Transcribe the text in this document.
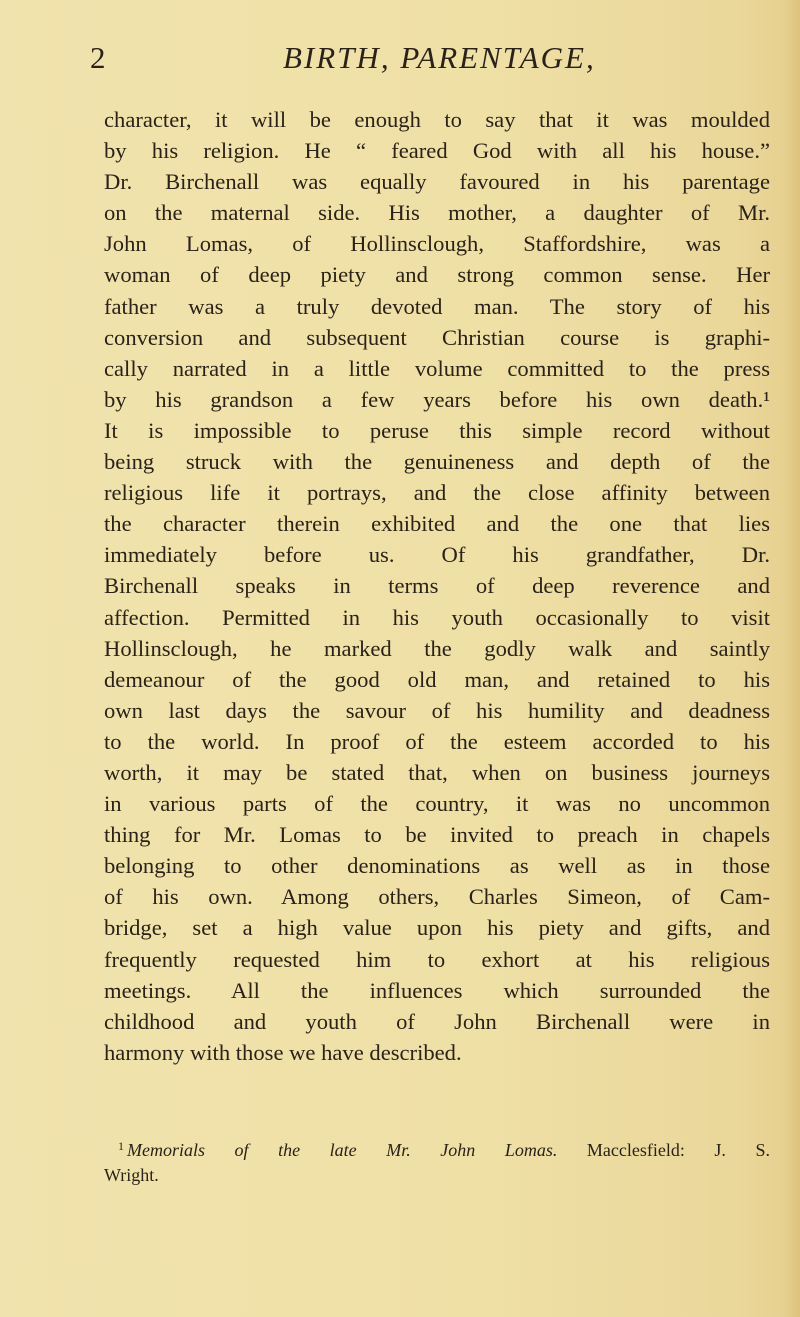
2	BIRTH, PARENTAGE,
character, it will be enough to say that it was moulded
by his religion. He “ feared God with all his house.”
Dr. Birchenall was equally favoured in his parentage
on the maternal side. His mother, a daughter of Mr.
John Lomas, of Hollinsclough, Staffordshire, was a
woman of deep piety and strong common sense. Her
father was a truly devoted man. The story of his
conversion and subsequent Christian course is graphi-
cally narrated in a little volume committed to the press
by his grandson a few years before his own death.¹
It is impossible to peruse this simple record without
being struck with the genuineness and depth of the
religious life it portrays, and the close affinity between
the character therein exhibited and the one that lies
immediately before us. Of his grandfather, Dr.
Birchenall speaks in terms of deep reverence and
affection. Permitted in his youth occasionally to visit
Hollinsclough, he marked the godly walk and saintly
demeanour of the good old man, and retained to his
own last days the savour of his humility and deadness
to the world. In proof of the esteem accorded to his
worth, it may be stated that, when on business journeys
in various parts of the country, it was no uncommon
thing for Mr. Lomas to be invited to preach in chapels
belonging to other denominations as well as in those
of his own. Among others, Charles Simeon, of Cam-
bridge, set a high value upon his piety and gifts, and
frequently requested him to exhort at his religious
meetings. All the influences which surrounded the
childhood and youth of John Birchenall were in
harmony with those we have described.
$^1$ Memorials of the late Mr. John Lomas. Macclesfield: J. S.
Wright.
